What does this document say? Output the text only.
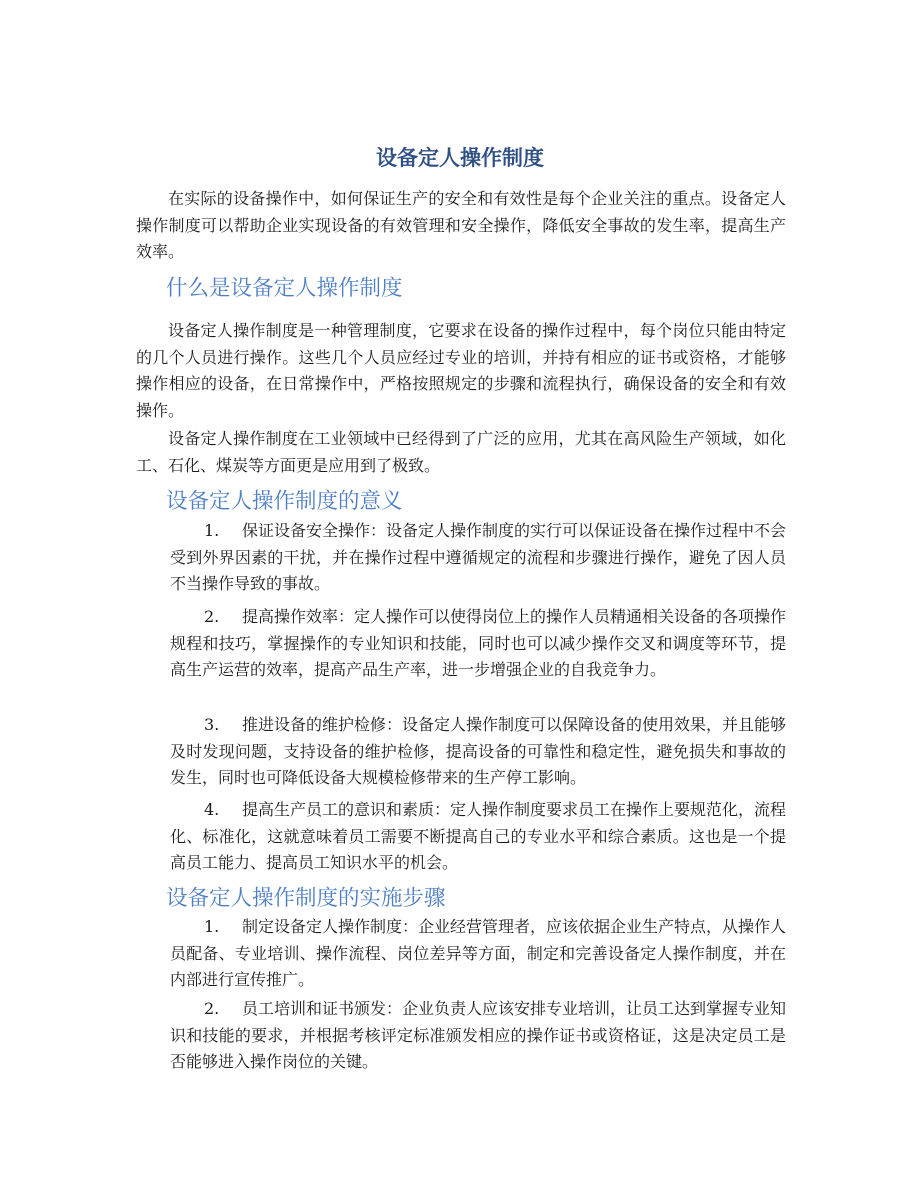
设备定人操作制度

在实际的设备操作中，如何保证生产的安全和有效性是每个企业关注的重点。设备定人操作制度可以帮助企业实现设备的有效管理和安全操作，降低安全事故的发生率，提高生产效率。

什么是设备定人操作制度

设备定人操作制度是一种管理制度，它要求在设备的操作过程中，每个岗位只能由特定的几个人员进行操作。这些几个人员应经过专业的培训，并持有相应的证书或资格，才能够操作相应的设备，在日常操作中，严格按照规定的步骤和流程执行，确保设备的安全和有效操作。

设备定人操作制度在工业领域中已经得到了广泛的应用，尤其在高风险生产领域，如化工、石化、煤炭等方面更是应用到了极致。

设备定人操作制度的意义

1. 保证设备安全操作：设备定人操作制度的实行可以保证设备在操作过程中不会受到外界因素的干扰，并在操作过程中遵循规定的流程和步骤进行操作，避免了因人员不当操作导致的事故。

2. 提高操作效率：定人操作可以使得岗位上的操作人员精通相关设备的各项操作规程和技巧，掌握操作的专业知识和技能，同时也可以减少操作交叉和调度等环节，提高生产运营的效率，提高产品生产率，进一步增强企业的自我竞争力。

3. 推进设备的维护检修：设备定人操作制度可以保障设备的使用效果，并且能够及时发现问题，支持设备的维护检修，提高设备的可靠性和稳定性，避免损失和事故的发生，同时也可降低设备大规模检修带来的生产停工影响。

4. 提高生产员工的意识和素质：定人操作制度要求员工在操作上要规范化，流程化、标准化，这就意味着员工需要不断提高自己的专业水平和综合素质。这也是一个提高员工能力、提高员工知识水平的机会。

设备定人操作制度的实施步骤

1. 制定设备定人操作制度：企业经营管理者，应该依据企业生产特点，从操作人员配备、专业培训、操作流程、岗位差异等方面，制定和完善设备定人操作制度，并在内部进行宣传推广。

2. 员工培训和证书颁发：企业负责人应该安排专业培训，让员工达到掌握专业知识和技能的要求，并根据考核评定标准颁发相应的操作证书或资格证，这是决定员工是否能够进入操作岗位的关键。
